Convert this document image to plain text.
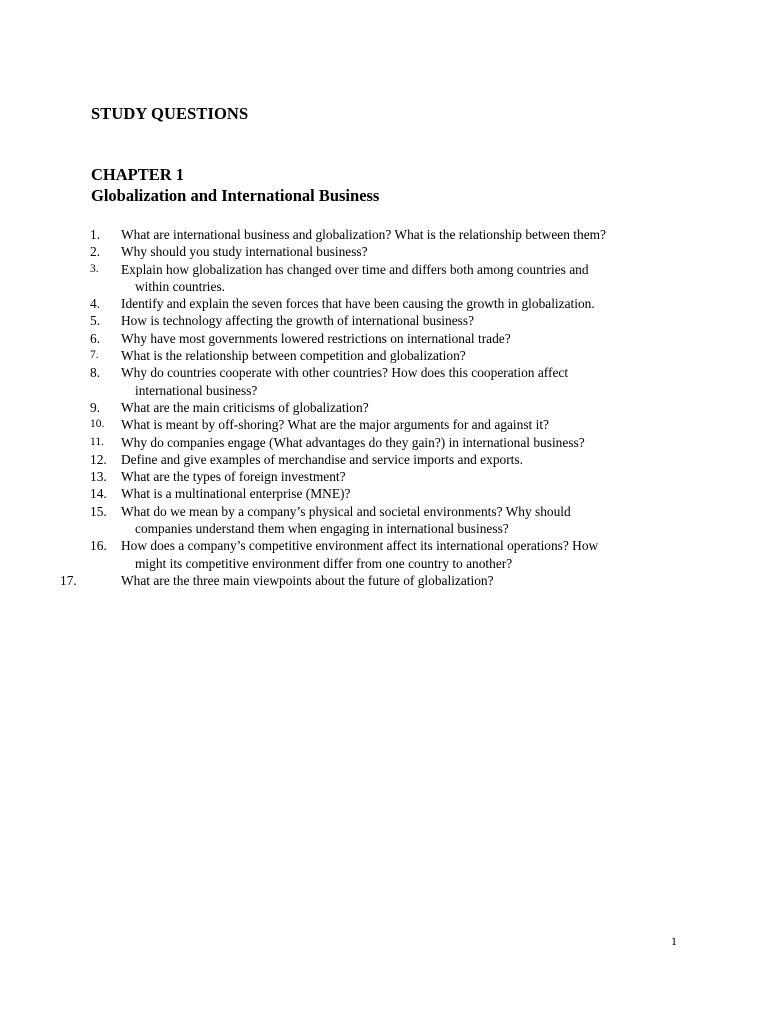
STUDY QUESTIONS
CHAPTER 1
Globalization and International Business
1.	What are international business and globalization? What is the relationship between them?
2.	Why should you study international business?
3.	Explain how globalization has changed over time and differs both among countries and
within countries.
4.	Identify and explain the seven forces that have been causing the growth in globalization.
5.	How is technology affecting the growth of international business?
6.	Why have most governments lowered restrictions on international trade?
7.	What is the relationship between competition and globalization?
8.	Why do countries cooperate with other countries? How does this cooperation affect
international business?
9.	What are the main criticisms of globalization?
10.	What is meant by off-shoring? What are the major arguments for and against it?
11.	Why do companies engage (What advantages do they gain?) in international business?
12.	Define and give examples of merchandise and service imports and exports.
13.	What are the types of foreign investment?
14.	What is a multinational enterprise (MNE)?
15.	What do we mean by a company’s physical and societal environments? Why should
companies understand them when engaging in international business?
16.	How does a company’s competitive environment affect its international operations? How
might its competitive environment differ from one country to another?
17.	What are the three main viewpoints about the future of globalization?
1
